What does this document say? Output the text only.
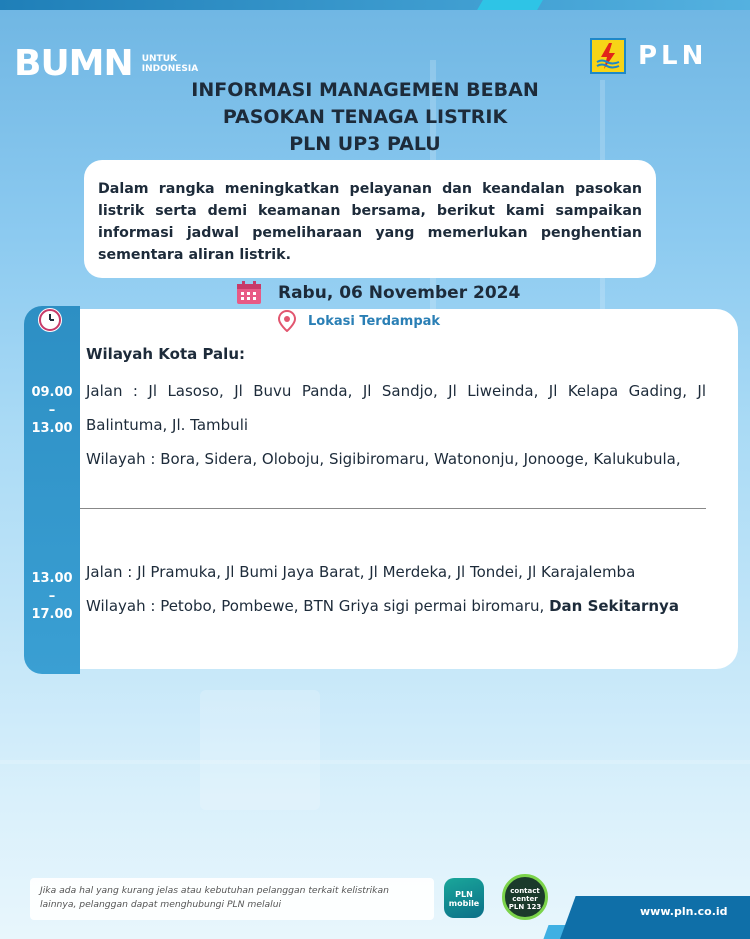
BUMN UNTUK
INDONESIA	PLN
INFORMASI MANAGEMEN BEBAN
PASOKAN TENAGA LISTRIK
PLN UP3 PALU
Dalam rangka meningkatkan pelayanan dan keandalan pasokan listrik serta demi keamanan bersama, berikut kami sampaikan informasi jadwal pemeliharaan yang memerlukan penghentian sementara aliran listrik.
Rabu, 06 November 2024
Lokasi Terdampak
09.00
–
13.00
Wilayah Kota Palu:
Jalan : Jl Lasoso, Jl Buvu Panda, Jl Sandjo, Jl Liweinda, Jl Kelapa Gading, Jl Balintuma, Jl. Tambuli
Wilayah : Bora, Sidera, Oloboju, Sigibiromaru, Watononju, Jonooge, Kalukubula,
13.00
–
17.00
Jalan : Jl Pramuka, Jl Bumi Jaya Barat, Jl Merdeka, Jl Tondei, Jl Karajalemba
Wilayah : Petobo, Pombewe, BTN Griya sigi permai biromaru, Dan Sekitarnya
Jika ada hal yang kurang jelas atau kebutuhan pelanggan terkait kelistrikan lainnya, pelanggan dapat menghubungi PLN melalui
PLN
mobile
contact
center
PLN 123	www.pln.co.id
